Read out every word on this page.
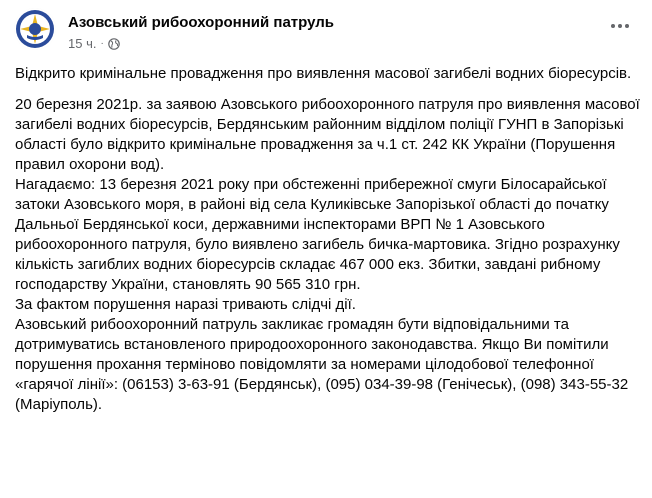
Азовський рибоохоронний патруль
15 ч. ·

Відкрито кримінальне провадження про виявлення масової загибелі водних біоресурсів.

20 березня 2021р. за заявою Азовського рибоохоронного патруля про виявлення масової загибелі водних біоресурсів, Бердянським районним відділом поліції ГУНП в Запорізькі області було відкрито кримінальне провадження за ч.1 ст. 242 КК України (Порушення правил охорони вод).
Нагадаємо: 13 березня 2021 року при обстеженні прибережної смуги Білосарайської затоки Азовського моря, в районі від села Куликівське Запорізької області до початку Дальньої Бердянської коси, державними інспекторами ВРП № 1 Азовського рибоохоронного патруля, було виявлено загибель бичка-мартовика. Згідно розрахунку кількість загиблих водних біоресурсів складає 467 000 екз. Збитки, завдані рибному господарству України, становлять 90 565 310 грн.
За фактом порушення наразі тривають слідчі дії.
Азовський рибоохоронний патруль закликає громадян бути відповідальними та дотримуватись встановленого природоохоронного законодавства. Якщо Ви помітили порушення прохання терміново повідомляти за номерами цілодобової телефонної «гарячої лінії»: (06153) 3-63-91 (Бердянськ), (095) 034-39-98 (Генічеськ), (098) 343-55-32 (Маріуполь).
